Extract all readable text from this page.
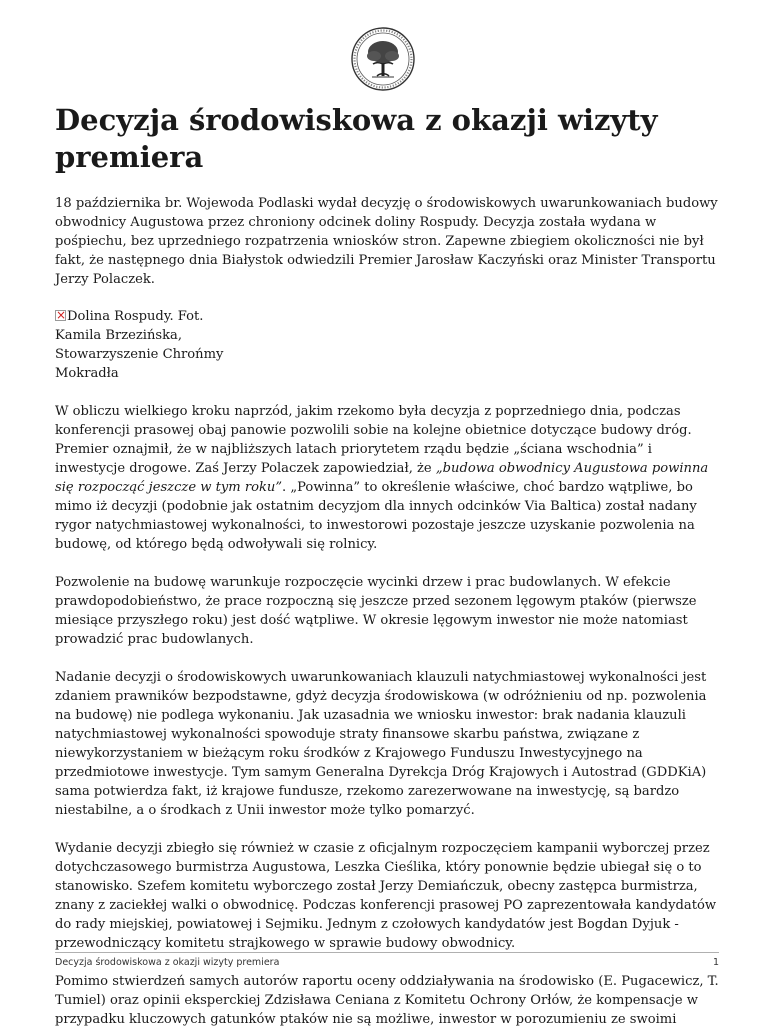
Decyzja środowiskowa z okazji wizyty premiera

18 października br. Wojewoda Podlaski wydał decyzję o środowiskowych uwarunkowaniach budowy obwodnicy Augustowa przez chroniony odcinek doliny Rospudy. Decyzja została wydana w pośpiechu, bez uprzedniego rozpatrzenia wniosków stron. Zapewne zbiegiem okoliczności nie był fakt, że następnego dnia Białystok odwiedzili Premier Jarosław Kaczyński oraz Minister Transportu Jerzy Polaczek.

×Dolina Rospudy. Fot.
Kamila Brzezińska,
Stowarzyszenie Chrońmy
Mokradła

W obliczu wielkiego kroku naprzód, jakim rzekomo była decyzja z poprzedniego dnia, podczas konferencji prasowej obaj panowie pozwolili sobie na kolejne obietnice dotyczące budowy dróg. Premier oznajmił, że w najbliższych latach priorytetem rządu będzie „ściana wschodnia” i inwestycje drogowe. Zaś Jerzy Polaczek zapowiedział, że „budowa obwodnicy Augustowa powinna się rozpocząć jeszcze w tym roku”. „Powinna” to określenie właściwe, choć bardzo wątpliwe, bo mimo iż decyzji (podobnie jak ostatnim decyzjom dla innych odcinków Via Baltica) został nadany rygor natychmiastowej wykonalności, to inwestorowi pozostaje jeszcze uzyskanie pozwolenia na budowę, od którego będą odwoływali się rolnicy.

Pozwolenie na budowę warunkuje rozpoczęcie wycinki drzew i prac budowlanych. W efekcie prawdopodobieństwo, że prace rozpoczną się jeszcze przed sezonem lęgowym ptaków (pierwsze miesiące przyszłego roku) jest dość wątpliwe. W okresie lęgowym inwestor nie może natomiast prowadzić prac budowlanych.

Nadanie decyzji o środowiskowych uwarunkowaniach klauzuli natychmiastowej wykonalności jest zdaniem prawników bezpodstawne, gdyż decyzja środowiskowa (w odróżnieniu od np. pozwolenia na budowę) nie podlega wykonaniu. Jak uzasadnia we wniosku inwestor: brak nadania klauzuli natychmiastowej wykonalności spowoduje straty finansowe skarbu państwa, związane z niewykorzystaniem w bieżącym roku środków z Krajowego Funduszu Inwestycyjnego na przedmiotowe inwestycje. Tym samym Generalna Dyrekcja Dróg Krajowych i Autostrad (GDDKiA) sama potwierdza fakt, iż krajowe fundusze, rzekomo zarezerwowane na inwestycję, są bardzo niestabilne, a o środkach z Unii inwestor może tylko pomarzyć.

Wydanie decyzji zbiegło się również w czasie z oficjalnym rozpoczęciem kampanii wyborczej przez dotychczasowego burmistrza Augustowa, Leszka Cieślika, który ponownie będzie ubiegał się o to stanowisko. Szefem komitetu wyborczego został Jerzy Demiańczuk, obecny zastępca burmistrza, znany z zaciekłej walki o obwodnicę. Podczas konferencji prasowej PO zaprezentowała kandydatów do rady miejskiej, powiatowej i Sejmiku. Jednym z czołowych kandydatów jest Bogdan Dyjuk - przewodniczący komitetu strajkowego w sprawie budowy obwodnicy.

Pomimo stwierdzeń samych autorów raportu oceny oddziaływania na środowisko (E. Pugacewicz, T. Tumiel) oraz opinii eksperckiej Zdzisława Ceniana z Komitetu Ochrony Orłów, że kompensacje w przypadku kluczowych gatunków ptaków nie są możliwe, inwestor w porozumieniu ze swoimi

Decyzja środowiskowa z okazji wizyty premiera	1
